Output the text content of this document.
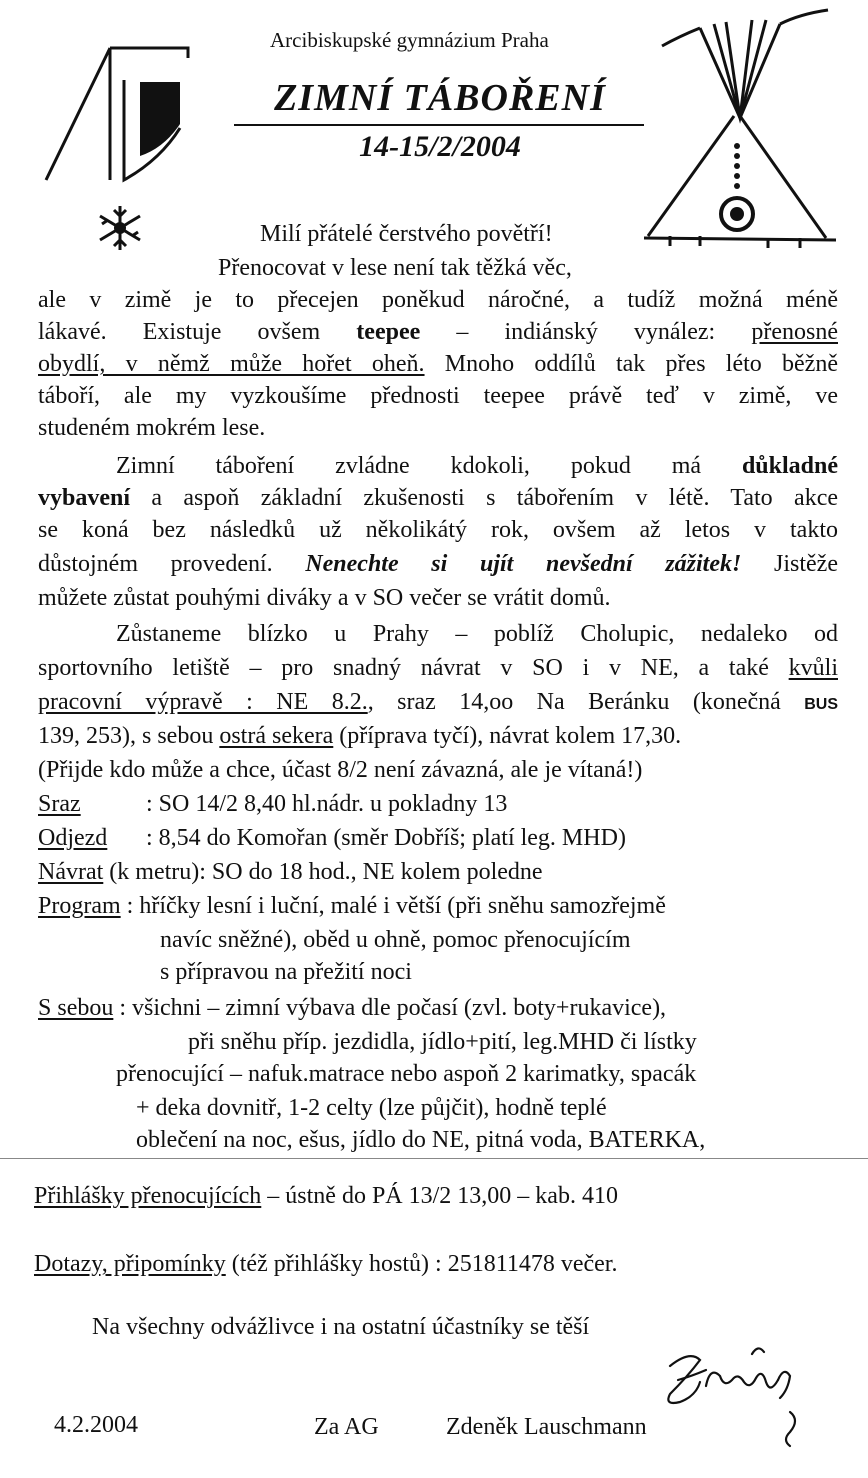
Arcibiskupské gymnázium Praha
ZIMNÍ TÁBOŘENÍ
14-15/2/2004
Milí přátelé čerstvého povětří!
Přenocovat v lese není tak těžká věc,
ale v zimě je to přecejen poněkud náročné, a tudíž možná méně
lákavé. Existuje ovšem teepee – indiánský vynález: přenosné
obydlí, v němž může hořet oheň. Mnoho oddílů tak přes léto běžně
táboří, ale my vyzkoušíme přednosti teepee právě teď v zimě, ve
studeném mokrém lese.
Zimní táboření zvládne kdokoli, pokud má důkladné
vybavení a aspoň základní zkušenosti s tábořením v létě. Tato akce
se koná bez následků už několikátý rok, ovšem až letos v takto
důstojném provedení. Nenechte si ujít nevšední zážitek! Jistěže
můžete zůstat pouhými diváky a v SO večer se vrátit domů.
Zůstaneme blízko u Prahy – poblíž Cholupic, nedaleko od
sportovního letiště – pro snadný návrat v SO i v NE, a také kvůli
pracovní výpravě : NE 8.2., sraz 14,oo Na Beránku (konečná BUS
139, 253), s sebou ostrá sekera (příprava tyčí), návrat kolem 17,30.
(Přijde kdo může a chce, účast 8/2 není závazná, ale je vítaná!)
Sraz	: SO 14/2 8,40 hl.nádr. u pokladny 13
Odjezd : 8,54 do Komořan (směr Dobříš; platí leg. MHD)
Návrat (k metru): SO do 18 hod., NE kolem poledne
Program : hříčky lesní i luční, malé i větší (při sněhu samozřejmě
navíc sněžné), oběd u ohně, pomoc přenocujícím
s přípravou na přežití noci
S sebou : všichni – zimní výbava dle počasí (zvl. boty+rukavice),
při sněhu příp. jezdidla, jídlo+pití, leg.MHD či lístky
přenocující – nafuk.matrace nebo aspoň 2 karimatky, spacák
+ deka dovnitř, 1-2 celty (lze půjčit), hodně teplé
oblečení na noc, ešus, jídlo do NE, pitná voda, BATERKA,
Přihlášky přenocujících – ústně do PÁ 13/2 13,00 – kab. 410
Dotazy, připomínky (též přihlášky hostů) : 251811478 večer.
Na všechny odvážlivce i na ostatní účastníky se těší
4.2.2004	Za AG	Zdeněk Lauschmann
